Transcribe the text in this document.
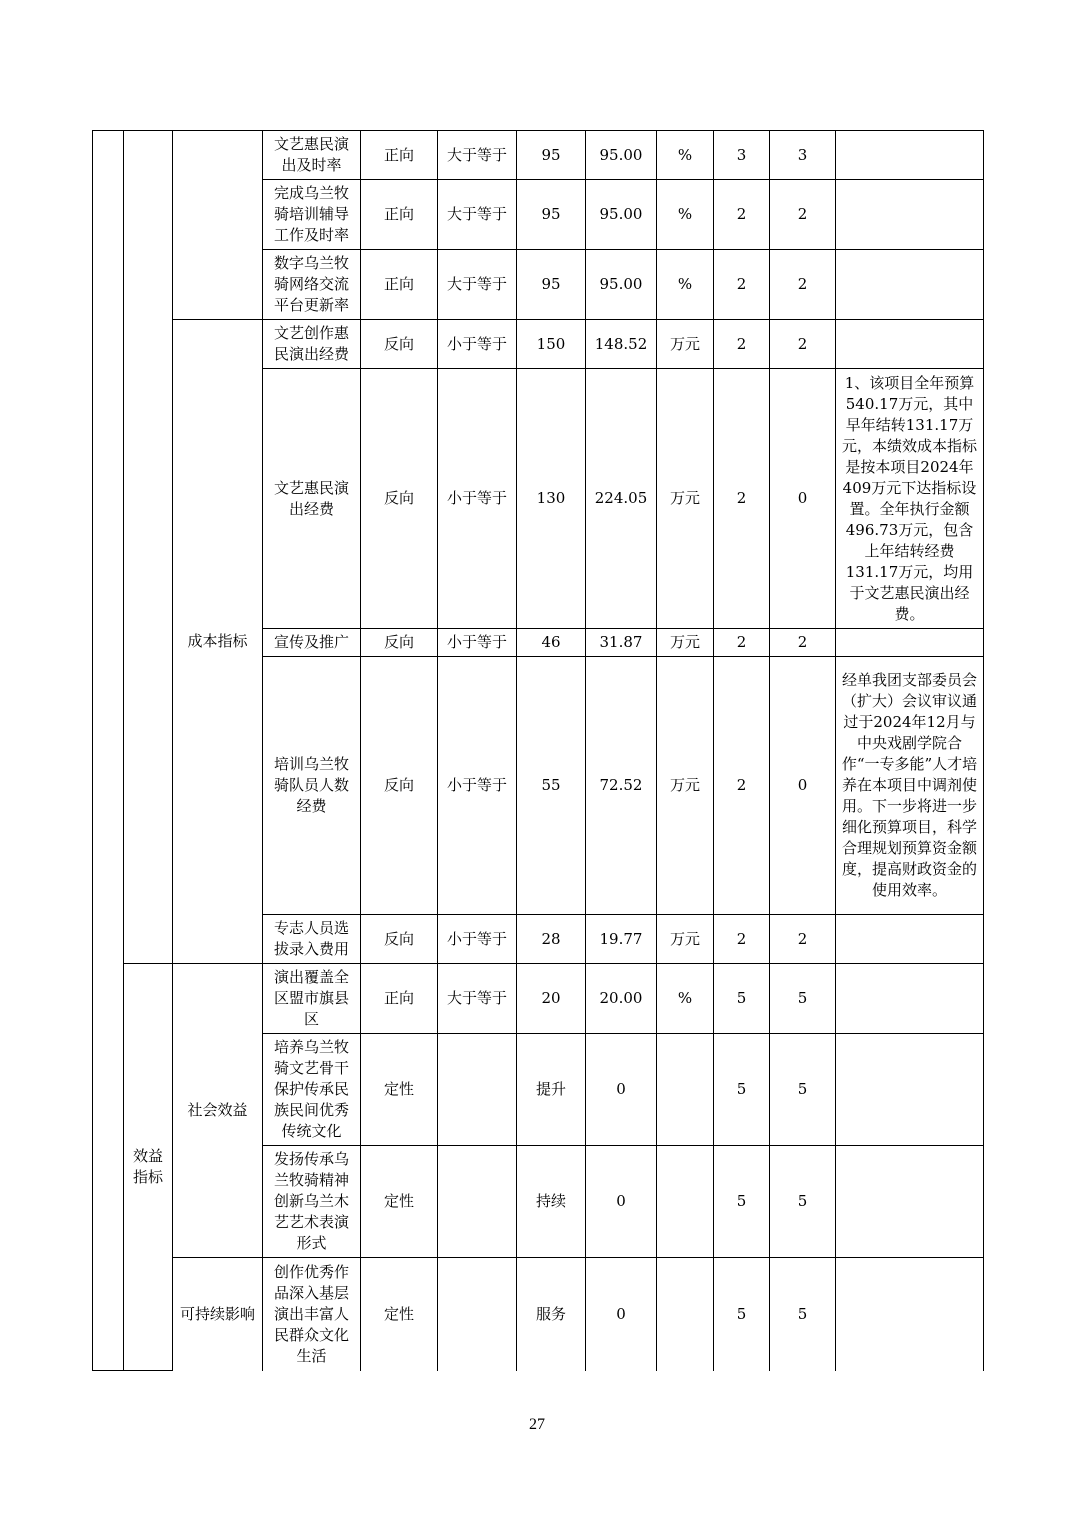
			文艺惠民演出及时率	正向	大于等于	95	95.00	%	3	3	
			完成乌兰牧骑培训辅导工作及时率	正向	大于等于	95	95.00	%	2	2	
			数字乌兰牧骑网络交流平台更新率	正向	大于等于	95	95.00	%	2	2	
		成本指标	文艺创作惠民演出经费	反向	小于等于	150	148.52	万元	2	2	
			文艺惠民演出经费	反向	小于等于	130	224.05	万元	2	0	1、该项目全年预算540.17万元，其中早年结转131.17万元，本绩效成本指标是按本项目2024年409万元下达指标设置。全年执行金额496.73万元，包含上年结转经费131.17万元，均用于文艺惠民演出经费。
			宣传及推广	反向	小于等于	46	31.87	万元	2	2	
			培训乌兰牧骑队员人数经费	反向	小于等于	55	72.52	万元	2	0	经单我团支部委员会（扩大）会议审议通过于2024年12月与中央戏剧学院合作“一专多能”人才培养在本项目中调剂使用。下一步将进一步细化预算项目，科学合理规划预算资金额度，提高财政资金的使用效率。
			专志人员选拔录入费用	反向	小于等于	28	19.77	万元	2	2	
	效益指标	社会效益	演出覆盖全区盟市旗县区	正向	大于等于	20	20.00	%	5	5	
			培养乌兰牧骑文艺骨干保护传承民族民间优秀传统文化	定性		提升	0		5	5	
			发扬传承乌兰牧骑精神创新乌兰木艺艺术表演形式	定性		持续	0		5	5	
		可持续影响	创作优秀作品深入基层演出丰富人民群众文化生活	定性		服务	0		5	5	
27
